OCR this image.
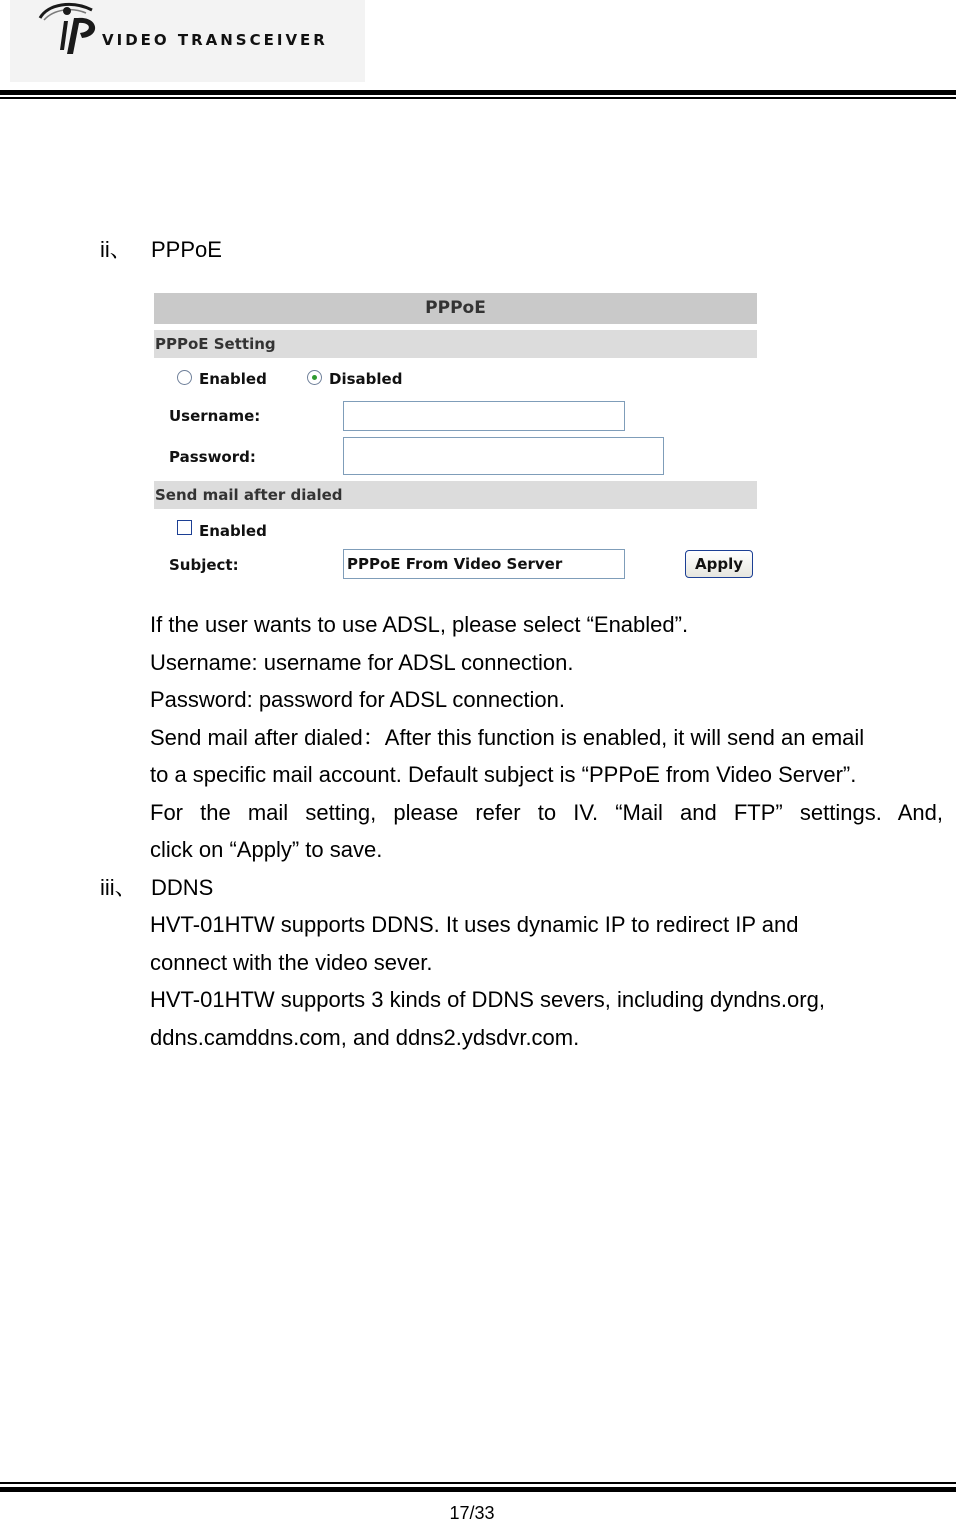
VIDEO TRANSCEIVER
ii、 PPPoE
PPPoE
PPPoE Setting
Enabled	Disabled
Username:
Password:
Send mail after dialed
Enabled
Subject:	PPPoE From Video Server	Apply
If the user wants to use ADSL, please select “Enabled”.
Username: username for ADSL connection.
Password: password for ADSL connection.
Send mail after dialed：After this function is enabled, it will send an email
to a specific mail account. Default subject is “PPPoE from Video Server”.
For the mail setting, please refer to IV. “Mail and FTP” settings. And,
click on “Apply” to save.
iii、 DDNS
HVT-01HTW supports DDNS. It uses dynamic IP to redirect IP and
connect with the video sever.
HVT-01HTW supports 3 kinds of DDNS severs, including dyndns.org,
ddns.camddns.com, and ddns2.ydsdvr.com.
17/33
